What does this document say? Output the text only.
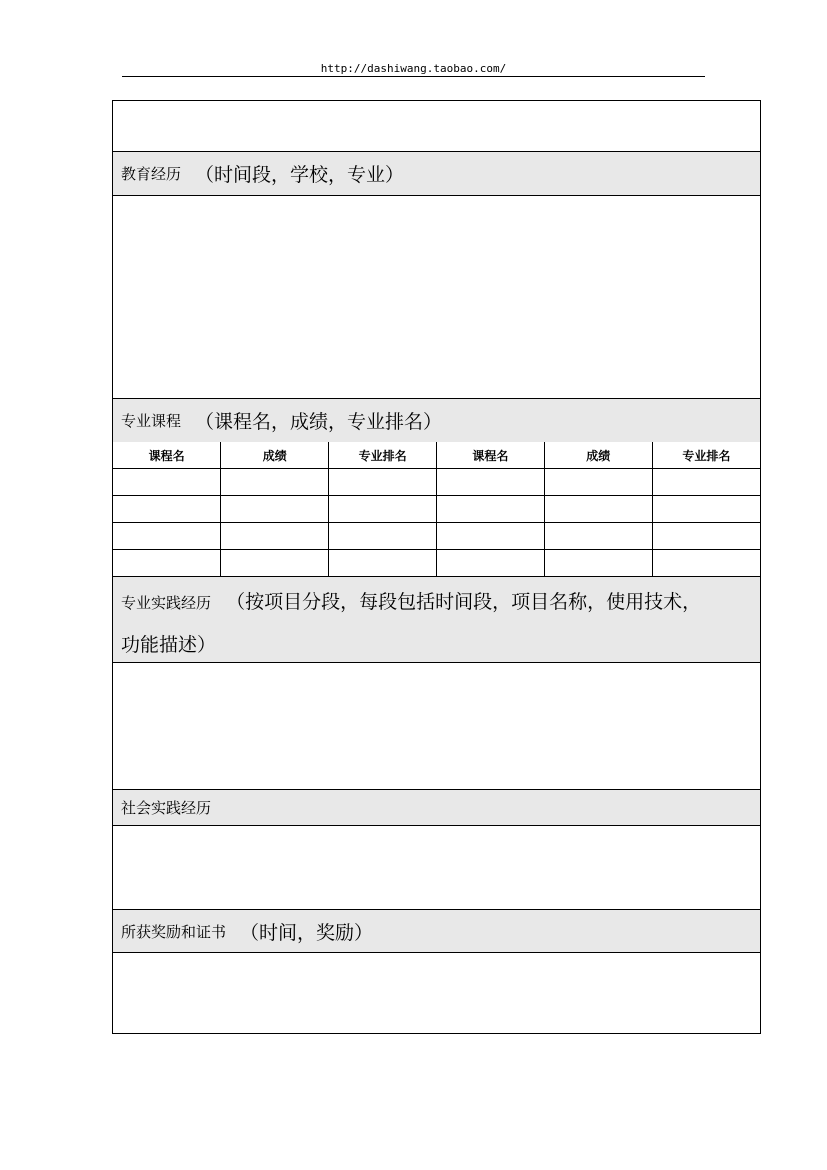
http://dashiwang.taobao.com/
教育经历 （时间段，学校，专业）
专业课程 （课程名，成绩，专业排名）
课程名	成绩	专业排名	课程名	成绩	专业排名

专业实践经历 （按项目分段，每段包括时间段，项目名称，使用技术，
功能描述）
社会实践经历
所获奖励和证书 （时间，奖励）
